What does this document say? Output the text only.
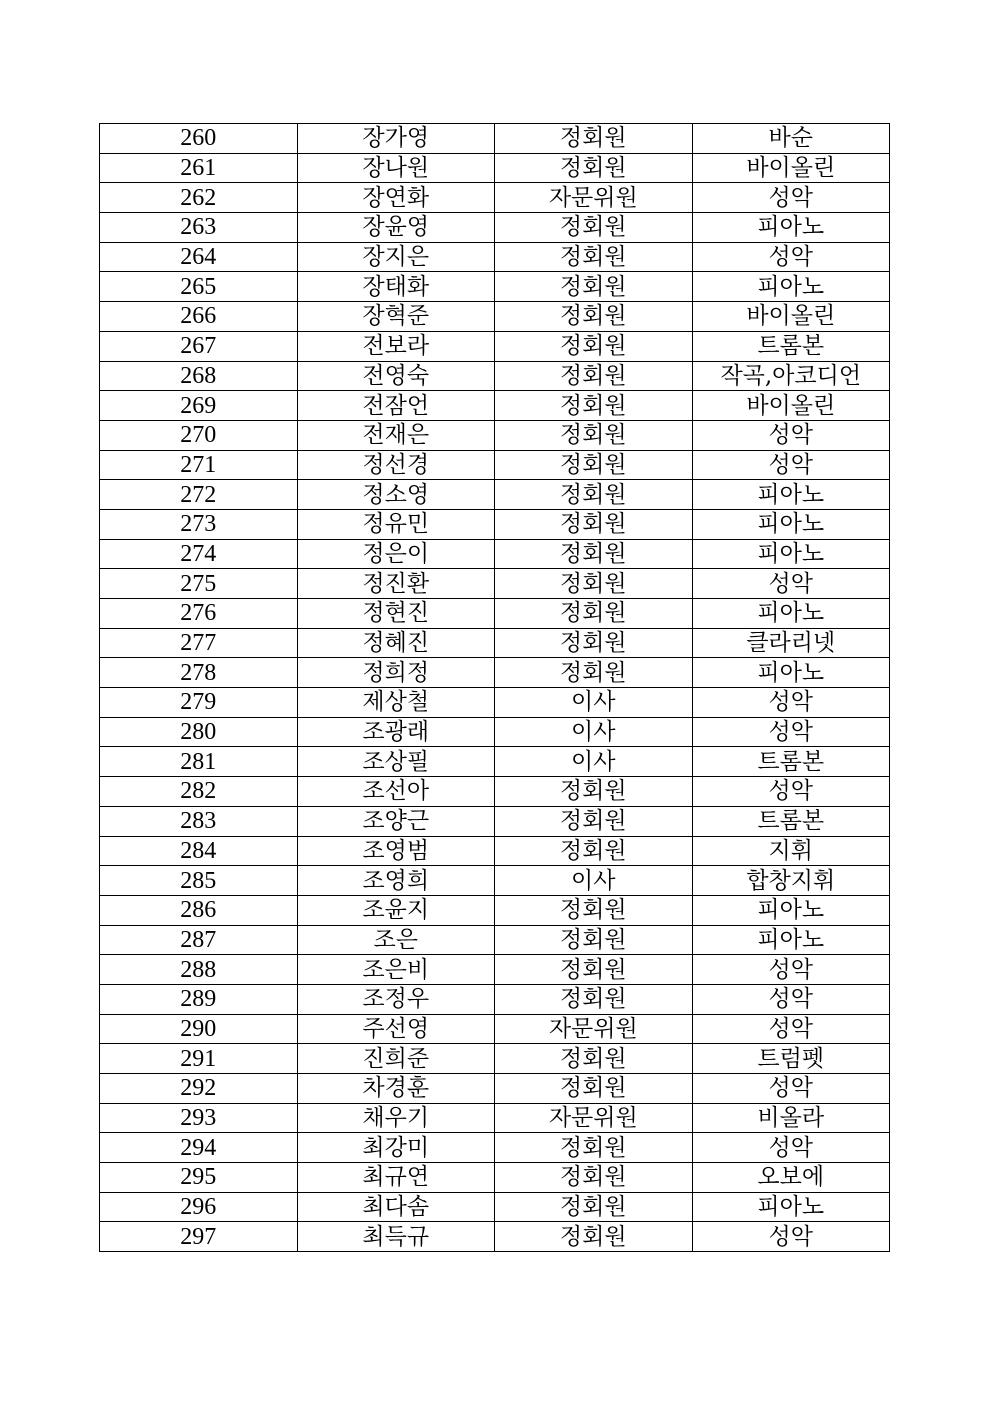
260	장가영	정회원	바순
261	장나원	정회원	바이올린
262	장연화	자문위원	성악
263	장윤영	정회원	피아노
264	장지은	정회원	성악
265	장태화	정회원	피아노
266	장혁준	정회원	바이올린
267	전보라	정회원	트롬본
268	전영숙	정회원	작곡,아코디언
269	전잠언	정회원	바이올린
270	전재은	정회원	성악
271	정선경	정회원	성악
272	정소영	정회원	피아노
273	정유민	정회원	피아노
274	정은이	정회원	피아노
275	정진환	정회원	성악
276	정현진	정회원	피아노
277	정혜진	정회원	클라리넷
278	정희정	정회원	피아노
279	제상철	이사	성악
280	조광래	이사	성악
281	조상필	이사	트롬본
282	조선아	정회원	성악
283	조양근	정회원	트롬본
284	조영범	정회원	지휘
285	조영희	이사	합창지휘
286	조윤지	정회원	피아노
287	조은	정회원	피아노
288	조은비	정회원	성악
289	조정우	정회원	성악
290	주선영	자문위원	성악
291	진희준	정회원	트럼펫
292	차경훈	정회원	성악
293	채우기	자문위원	비올라
294	최강미	정회원	성악
295	최규연	정회원	오보에
296	최다솜	정회원	피아노
297	최득규	정회원	성악
